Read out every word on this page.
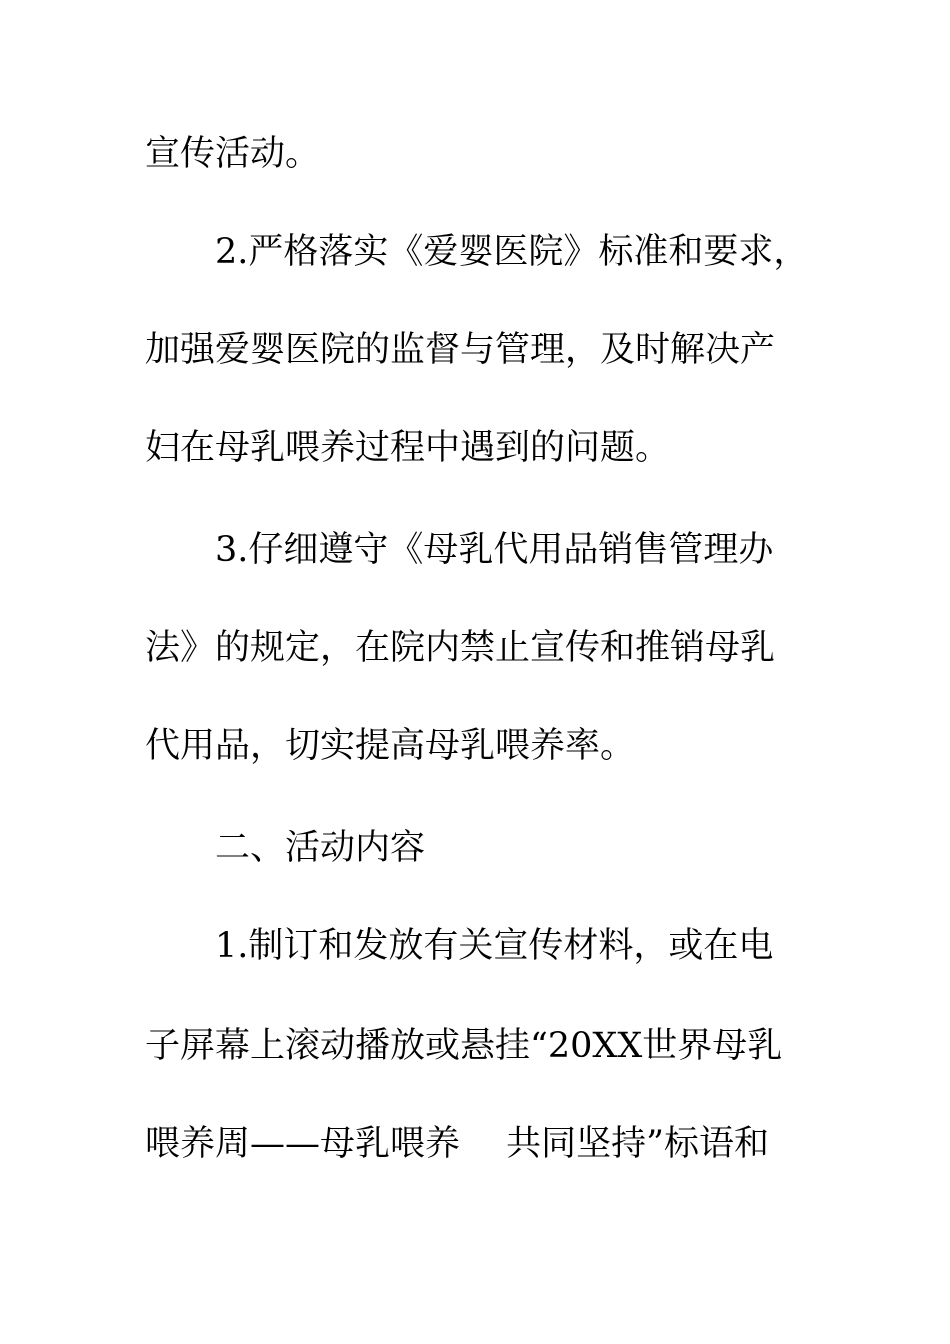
宣传活动。
2.严格落实《爱婴医院》标准和要求，
加强爱婴医院的监督与管理，及时解决产
妇在母乳喂养过程中遇到的问题。
3.仔细遵守《母乳代用品销售管理办
法》的规定，在院内禁止宣传和推销母乳
代用品，切实提高母乳喂养率。
二、活动内容
1.制订和发放有关宣传材料，或在电
子屏幕上滚动播放或悬挂“20XX世界母乳
喂养周——母乳喂养　 共同坚持”标语和
